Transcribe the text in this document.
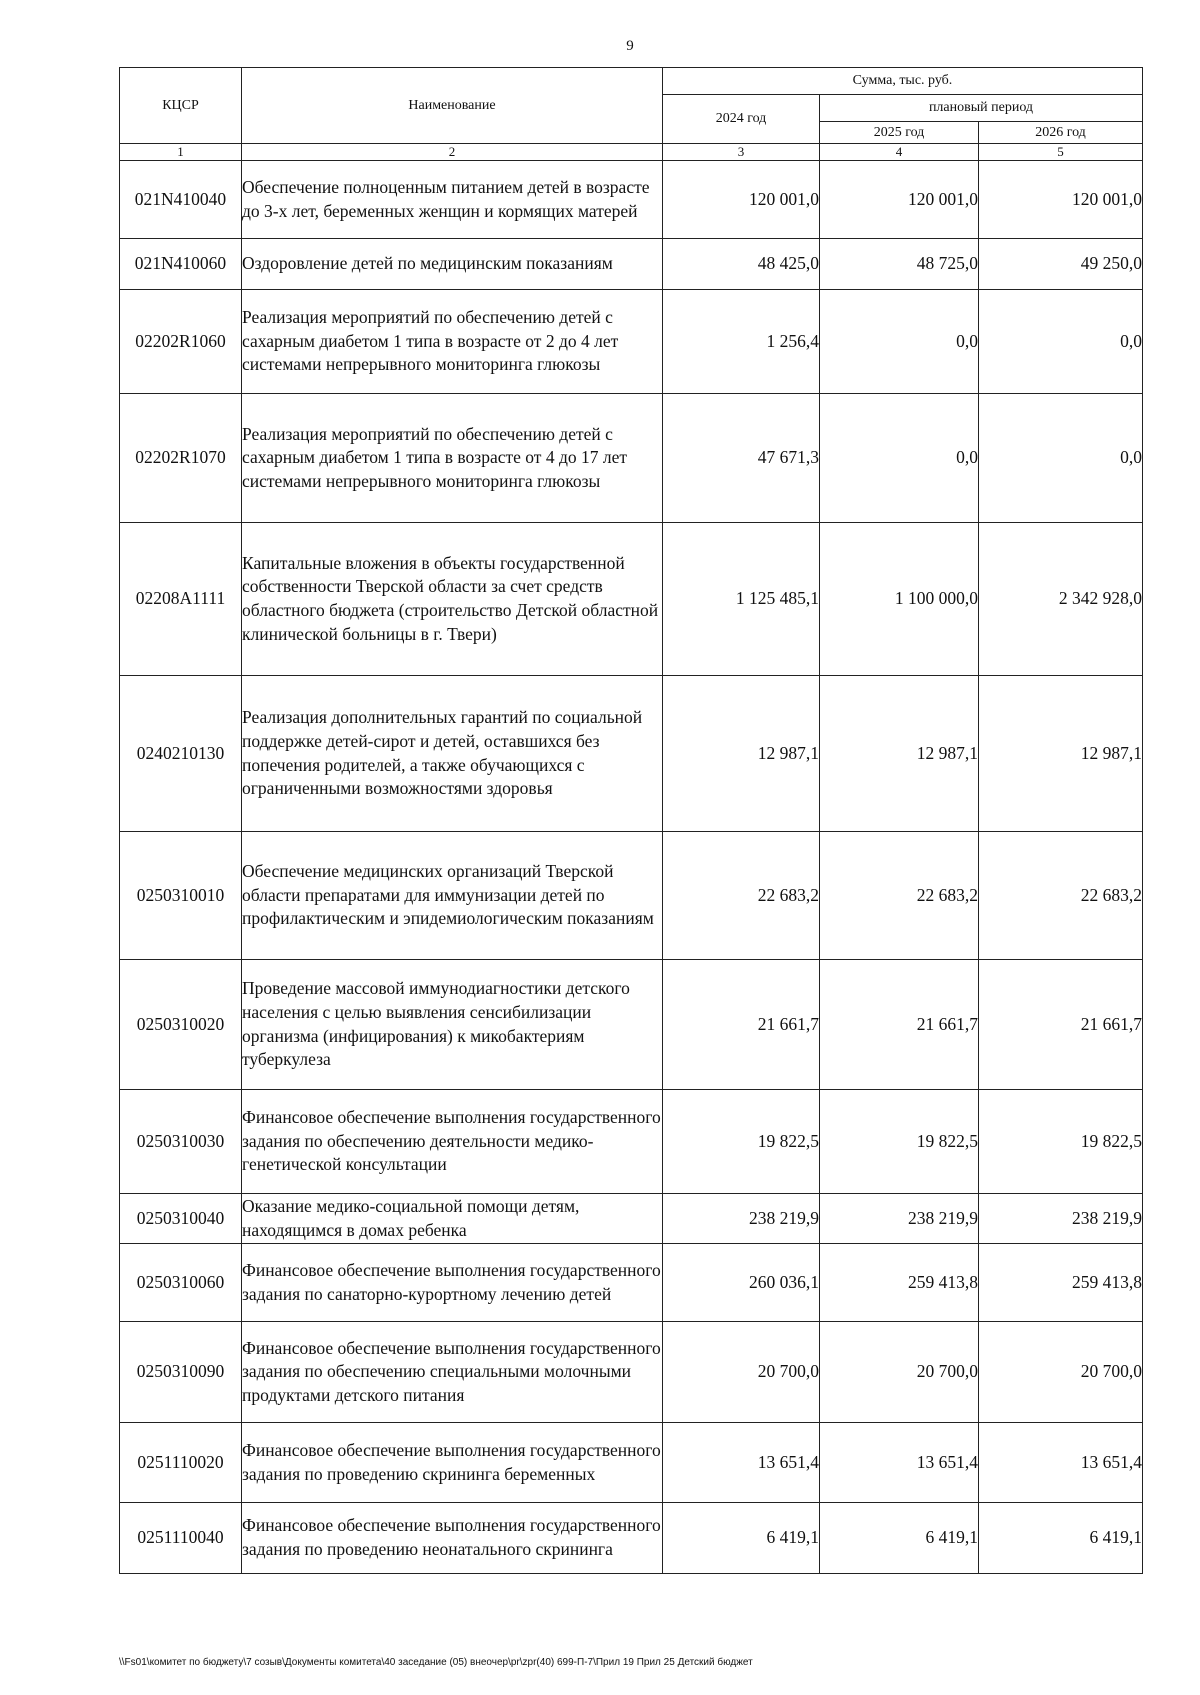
9
КЦСР	Наименование	Сумма, тыс. руб.		
		2024 год	плановый период	
			2025 год	2026 год
1	2	3	4	5
021N410040	Обеспечение полноценным питанием детей в возрасте до 3-х лет, беременных женщин и кормящих матерей	120 001,0	120 001,0	120 001,0
021N410060	Оздоровление детей по медицинским показаниям	48 425,0	48 725,0	49 250,0
02202R1060	Реализация мероприятий по обеспечению детей с сахарным диабетом 1 типа в возрасте от 2 до 4 лет системами непрерывного мониторинга глюкозы	1 256,4	0,0	0,0
02202R1070	Реализация мероприятий по обеспечению детей с сахарным диабетом 1 типа в возрасте от 4 до 17 лет системами непрерывного мониторинга глюкозы	47 671,3	0,0	0,0
02208A1111	Капитальные вложения в объекты государственной собственности Тверской области за счет средств областного бюджета (строительство Детской областной клинической больницы в г. Твери)	1 125 485,1	1 100 000,0	2 342 928,0
0240210130	Реализация дополнительных гарантий по социальной поддержке детей-сирот и детей, оставшихся без попечения родителей, а также обучающихся с ограниченными возможностями здоровья	12 987,1	12 987,1	12 987,1
0250310010	Обеспечение медицинских организаций Тверской области препаратами для иммунизации детей по профилактическим и эпидемиологическим показаниям	22 683,2	22 683,2	22 683,2
0250310020	Проведение массовой иммунодиагностики детского населения с целью выявления сенсибилизации организма (инфицирования) к микобактериям туберкулеза	21 661,7	21 661,7	21 661,7
0250310030	Финансовое обеспечение выполнения государственного задания по обеспечению деятельности медико-генетической консультации	19 822,5	19 822,5	19 822,5
0250310040	Оказание медико-социальной помощи детям, находящимся в домах ребенка	238 219,9	238 219,9	238 219,9
0250310060	Финансовое обеспечение выполнения государственного задания по санаторно-курортному лечению детей	260 036,1	259 413,8	259 413,8
0250310090	Финансовое обеспечение выполнения государственного задания по обеспечению специальными молочными продуктами детского питания	20 700,0	20 700,0	20 700,0
0251110020	Финансовое обеспечение выполнения государственного задания по проведению скрининга беременных	13 651,4	13 651,4	13 651,4
0251110040	Финансовое обеспечение выполнения государственного задания по проведению неонатального скрининга	6 419,1	6 419,1	6 419,1
\\Fs01\комитет по бюджету\7 созыв\Документы комитета\40 заседание (05) внеочер\pr\zpr(40) 699-П-7\Прил 19 Прил 25 Детский бюджет
